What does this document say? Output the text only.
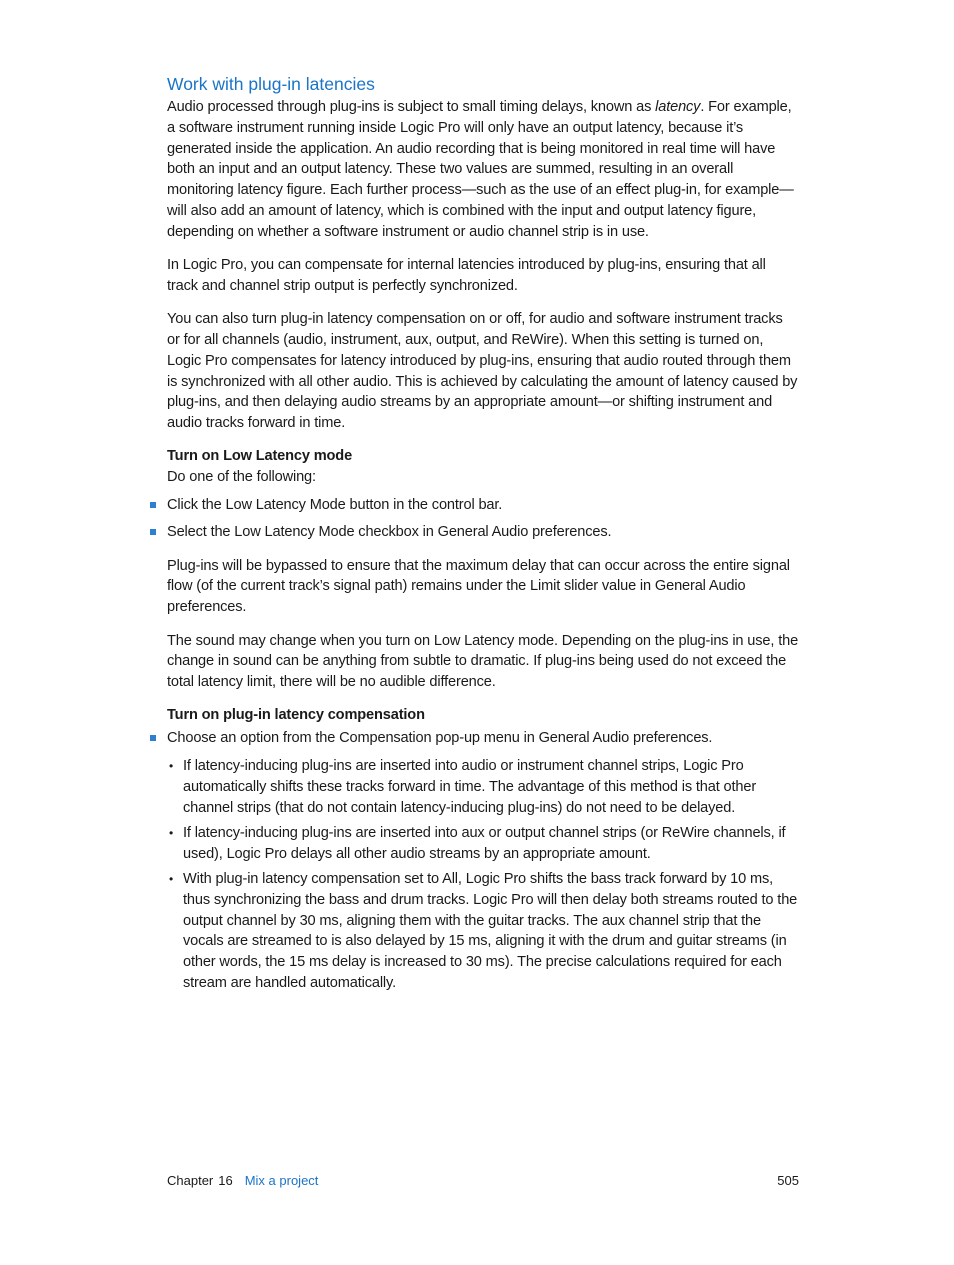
Work with plug-in latencies

Audio processed through plug-ins is subject to small timing delays, known as latency. For example, a software instrument running inside Logic Pro will only have an output latency, because it’s generated inside the application. An audio recording that is being monitored in real time will have both an input and an output latency. These two values are summed, resulting in an overall monitoring latency figure. Each further process—such as the use of an effect plug-in, for example—will also add an amount of latency, which is combined with the input and output latency figure, depending on whether a software instrument or audio channel strip is in use.

In Logic Pro, you can compensate for internal latencies introduced by plug-ins, ensuring that all track and channel strip output is perfectly synchronized.

You can also turn plug-in latency compensation on or off, for audio and software instrument tracks or for all channels (audio, instrument, aux, output, and ReWire). When this setting is turned on, Logic Pro compensates for latency introduced by plug-ins, ensuring that audio routed through them is synchronized with all other audio. This is achieved by calculating the amount of latency caused by plug-ins, and then delaying audio streams by an appropriate amount—or shifting instrument and audio tracks forward in time.

Turn on Low Latency mode

Do one of the following:

Click the Low Latency Mode button in the control bar.
Select the Low Latency Mode checkbox in General Audio preferences.

Plug-ins will be bypassed to ensure that the maximum delay that can occur across the entire signal flow (of the current track’s signal path) remains under the Limit slider value in General Audio preferences.

The sound may change when you turn on Low Latency mode. Depending on the plug-ins in use, the change in sound can be anything from subtle to dramatic. If plug-ins being used do not exceed the total latency limit, there will be no audible difference.

Turn on plug-in latency compensation

Choose an option from the Compensation pop-up menu in General Audio preferences.
• If latency-inducing plug-ins are inserted into audio or instrument channel strips, Logic Pro automatically shifts these tracks forward in time. The advantage of this method is that other channel strips (that do not contain latency-inducing plug-ins) do not need to be delayed.
• If latency-inducing plug-ins are inserted into aux or output channel strips (or ReWire channels, if used), Logic Pro delays all other audio streams by an appropriate amount.
• With plug-in latency compensation set to All, Logic Pro shifts the bass track forward by 10 ms, thus synchronizing the bass and drum tracks. Logic Pro will then delay both streams routed to the output channel by 30 ms, aligning them with the guitar tracks. The aux channel strip that the vocals are streamed to is also delayed by 15 ms, aligning it with the drum and guitar streams (in other words, the 15 ms delay is increased to 30 ms). The precise calculations required for each stream are handled automatically.
Chapter 16 Mix a project	505
